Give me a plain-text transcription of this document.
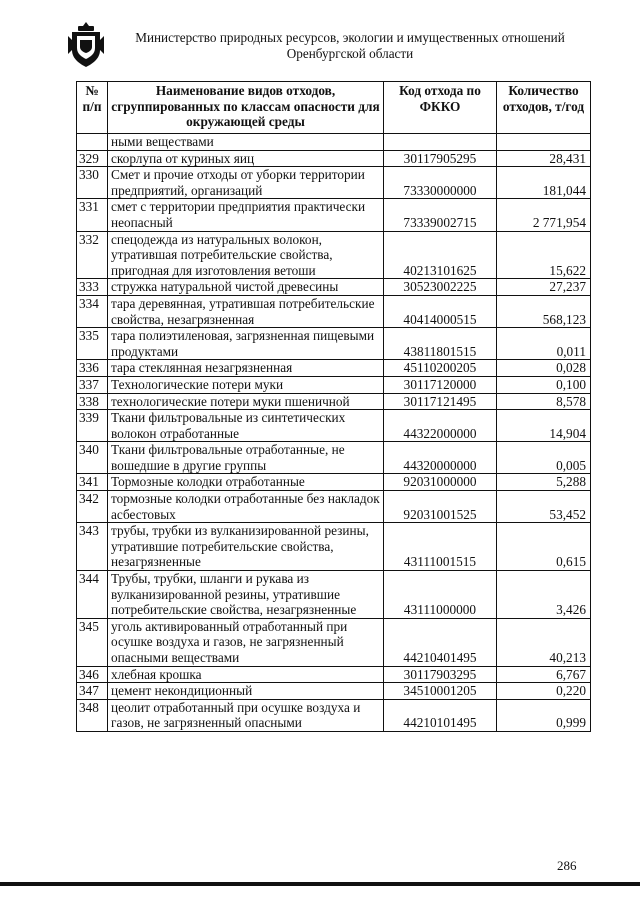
Министерство природных ресурсов, экологии и имущественных отношений
Оренбургской области
№ п/п	Наименование видов отходов, сгруппированных по классам опасности для окружающей среды	Код отхода по ФККО	Количество отходов, т/год
	ными веществами		
329	скорлупа от куриных яиц	30117905295	28,431
330	Смет и прочие отходы от уборки территории предприятий, организаций	73330000000	181,044
331	смет с территории предприятия практически неопасный	73339002715	2 771,954
332	спецодежда из натуральных волокон, утратившая потребительские свойства, пригодная для изготовления ветоши	40213101625	15,622
333	стружка натуральной чистой древесины	30523002225	27,237
334	тара деревянная, утратившая потребительские свойства, незагрязненная	40414000515	568,123
335	тара полиэтиленовая, загрязненная пищевыми продуктами	43811801515	0,011
336	тара стеклянная незагрязненная	45110200205	0,028
337	Технологические потери муки	30117120000	0,100
338	технологические потери муки пшеничной	30117121495	8,578
339	Ткани фильтровальные из синтетических волокон отработанные	44322000000	14,904
340	Ткани фильтровальные отработанные, не вошедшие в другие группы	44320000000	0,005
341	Тормозные колодки отработанные	92031000000	5,288
342	тормозные колодки отработанные без накладок асбестовых	92031001525	53,452
343	трубы, трубки из вулканизированной резины, утратившие потребительские свойства, незагрязненные	43111001515	0,615
344	Трубы, трубки, шланги и рукава из вулканизированной резины, утратившие потребительские свойства, незагрязненные	43111000000	3,426
345	уголь активированный отработанный при осушке воздуха и газов, не загрязненный опасными веществами	44210401495	40,213
346	хлебная крошка	30117903295	6,767
347	цемент некондиционный	34510001205	0,220
348	цеолит отработанный при осушке воздуха и газов, не загрязненный опасными	44210101495	0,999
286
